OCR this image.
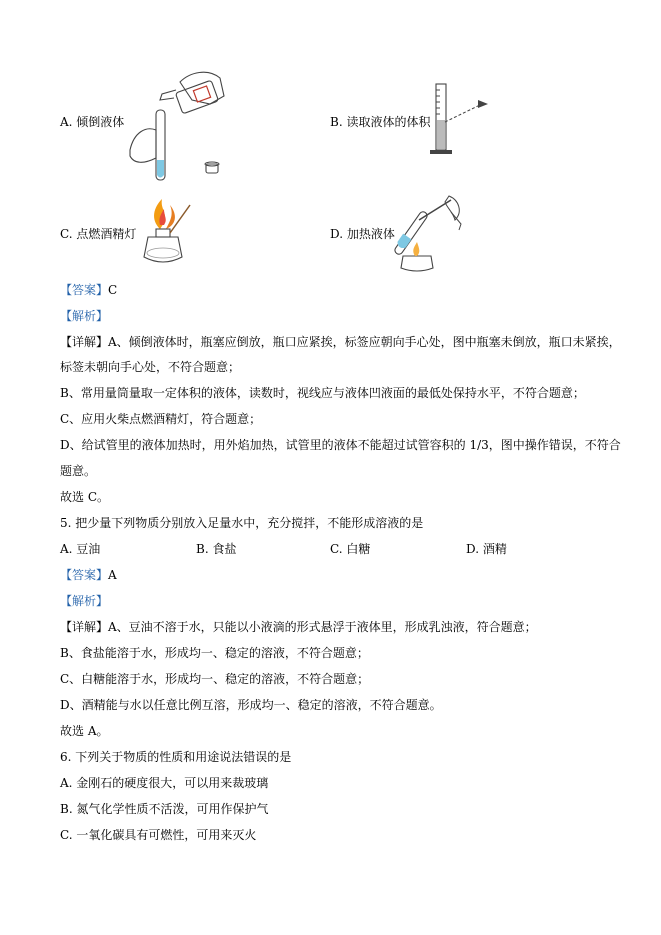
A. 倾倒液体	B. 读取液体的体积
C. 点燃酒精灯	D. 加热液体
【答案】C
【解析】
【详解】A、倾倒液体时，瓶塞应倒放，瓶口应紧挨，标签应朝向手心处，图中瓶塞未倒放，瓶口未紧挨，
标签未朝向手心处，不符合题意；
B、常用量筒量取一定体积的液体，读数时，视线应与液体凹液面的最低处保持水平，不符合题意；
C、应用火柴点燃酒精灯，符合题意；
D、给试管里的液体加热时，用外焰加热，试管里的液体不能超过试管容积的 1/3，图中操作错误，不符合
题意。
故选 C。
5. 把少量下列物质分别放入足量水中，充分搅拌，不能形成溶液的是
A. 豆油	B. 食盐	C. 白糖	D. 酒精
【答案】A
【解析】
【详解】A、豆油不溶于水，只能以小液滴的形式悬浮于液体里，形成乳浊液，符合题意；
B、食盐能溶于水，形成均一、稳定的溶液，不符合题意；
C、白糖能溶于水，形成均一、稳定的溶液，不符合题意；
D、酒精能与水以任意比例互溶，形成均一、稳定的溶液，不符合题意。
故选 A。
6. 下列关于物质的性质和用途说法错误的是
A. 金刚石的硬度很大，可以用来裁玻璃
B. 氮气化学性质不活泼，可用作保护气
C. 一氧化碳具有可燃性，可用来灭火
